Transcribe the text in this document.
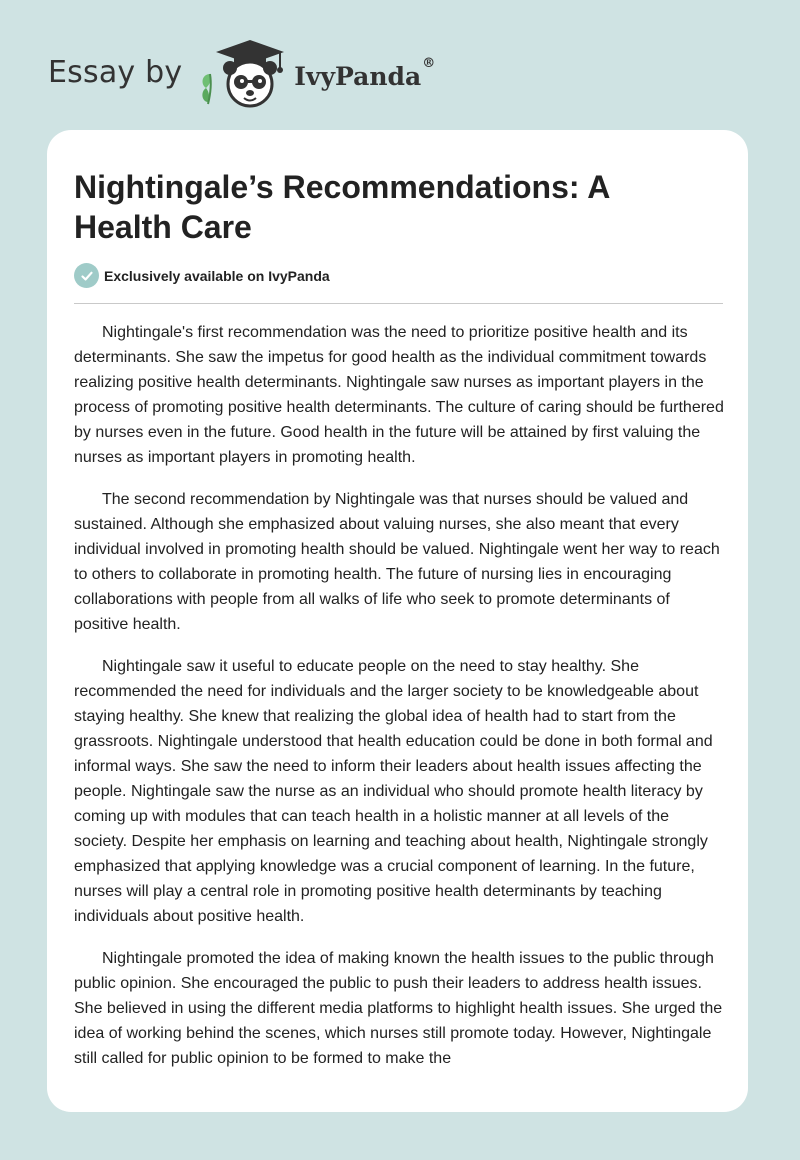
Essay by	IvyPanda®
Nightingale’s Recommendations: A Health Care
Exclusively available on IvyPanda

Nightingale's first recommendation was the need to prioritize positive health and its determinants. She saw the impetus for good health as the individual commitment towards realizing positive health determinants. Nightingale saw nurses as important players in the process of promoting positive health determinants. The culture of caring should be furthered by nurses even in the future. Good health in the future will be attained by first valuing the nurses as important players in promoting health.

The second recommendation by Nightingale was that nurses should be valued and sustained. Although she emphasized about valuing nurses, she also meant that every individual involved in promoting health should be valued. Nightingale went her way to reach to others to collaborate in promoting health. The future of nursing lies in encouraging collaborations with people from all walks of life who seek to promote determinants of positive health.

Nightingale saw it useful to educate people on the need to stay healthy. She recommended the need for individuals and the larger society to be knowledgeable about staying healthy. She knew that realizing the global idea of health had to start from the grassroots. Nightingale understood that health education could be done in both formal and informal ways. She saw the need to inform their leaders about health issues affecting the people. Nightingale saw the nurse as an individual who should promote health literacy by coming up with modules that can teach health in a holistic manner at all levels of the society. Despite her emphasis on learning and teaching about health, Nightingale strongly emphasized that applying knowledge was a crucial component of learning. In the future, nurses will play a central role in promoting positive health determinants by teaching individuals about positive health.

Nightingale promoted the idea of making known the health issues to the public through public opinion. She encouraged the public to push their leaders to address health issues. She believed in using the different media platforms to highlight health issues. She urged the idea of working behind the scenes, which nurses still promote today. However, Nightingale still called for public opinion to be formed to make the
